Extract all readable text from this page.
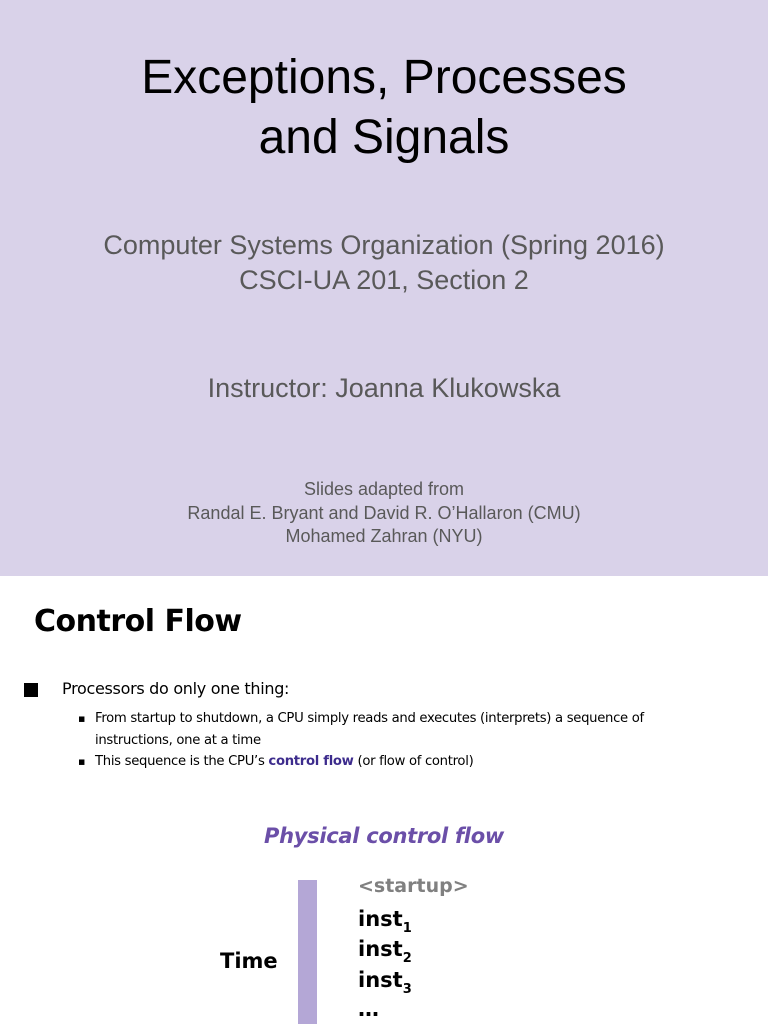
Exceptions, Processes
and Signals
Computer Systems Organization (Spring 2016)
CSCI-UA 201, Section 2
Instructor: Joanna Klukowska
Slides adapted from
Randal E. Bryant and David R. O’Hallaron (CMU)
Mohamed Zahran (NYU)
Control Flow
Processors do only one thing:
▪ From startup to shutdown, a CPU simply reads and executes (interprets) a sequence of instructions, one at a time
▪ This sequence is the CPU’s control flow (or flow of control)
Physical control flow
Time
<startup>
inst$_1$
inst$_2$
inst$_3$
…
